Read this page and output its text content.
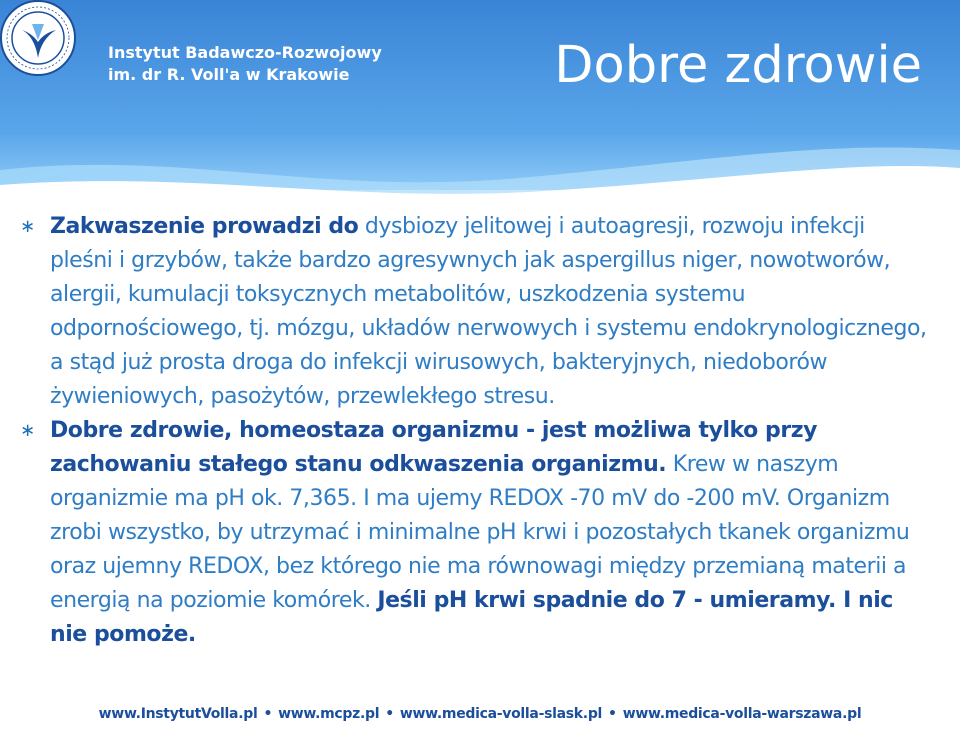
Instytut Badawczo-Rozwojowy
im. dr R. Voll'a w Krakowie	Dobre zdrowie

∗ Zakwaszenie prowadzi do dysbiozy jelitowej i autoagresji, rozwoju infekcji pleśni i grzybów, także bardzo agresywnych jak aspergillus niger, nowotworów, alergii, kumulacji toksycznych metabolitów, uszkodzenia systemu odpornościowego, tj. mózgu, układów nerwowych i systemu endokrynologicznego, a stąd już prosta droga do infekcji wirusowych, bakteryjnych, niedoborów żywieniowych, pasożytów, przewlekłego stresu.

∗ Dobre zdrowie, homeostaza organizmu - jest możliwa tylko przy zachowaniu stałego stanu odkwaszenia organizmu. Krew w naszym organizmie ma pH ok. 7,365. I ma ujemy REDOX -70 mV do -200 mV. Organizm zrobi wszystko, by utrzymać i minimalne pH krwi i pozostałych tkanek organizmu oraz ujemny REDOX, bez którego nie ma równowagi między przemianą materii a energią na poziomie komórek. Jeśli pH krwi spadnie do 7 - umieramy. I nic nie pomoże.

www.InstytutVolla.pl • www.mcpz.pl • www.medica-volla-slask.pl • www.medica-volla-warszawa.pl
